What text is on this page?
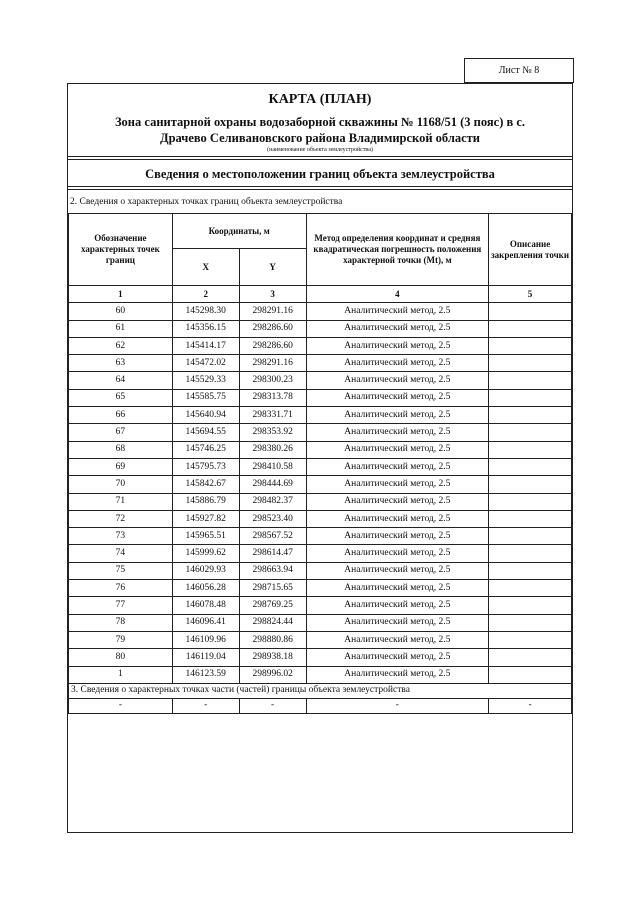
Лист № 8
КАРТА (ПЛАН)
Зона санитарной охраны водозаборной скважины № 1168/51 (3 пояс) в с.
Драчево Селивановского района Владимирской области
(наименование объекта землеустройства)
Сведения о местоположении границ объекта землеустройства
2. Сведения о характерных точках границ объекта землеустройства
Обозначение характерных точек границ	Координаты, м		Метод определения координат и средняя квадратическая погрешность положения характерной точки (Mt), м	Описание закрепления точки
	X	Y		
1	2	3	4	5
60	145298.30	298291.16	Аналитический метод, 2.5	
61	145356.15	298286.60	Аналитический метод, 2.5	
62	145414.17	298286.60	Аналитический метод, 2.5	
63	145472.02	298291.16	Аналитический метод, 2.5	
64	145529.33	298300.23	Аналитический метод, 2.5	
65	145585.75	298313.78	Аналитический метод, 2.5	
66	145640.94	298331.71	Аналитический метод, 2.5	
67	145694.55	298353.92	Аналитический метод, 2.5	
68	145746.25	298380.26	Аналитический метод, 2.5	
69	145795.73	298410.58	Аналитический метод, 2.5	
70	145842.67	298444.69	Аналитический метод, 2.5	
71	145886.79	298482.37	Аналитический метод, 2.5	
72	145927.82	298523.40	Аналитический метод, 2.5	
73	145965.51	298567.52	Аналитический метод, 2.5	
74	145999.62	298614.47	Аналитический метод, 2.5	
75	146029.93	298663.94	Аналитический метод, 2.5	
76	146056.28	298715.65	Аналитический метод, 2.5	
77	146078.48	298769.25	Аналитический метод, 2.5	
78	146096.41	298824.44	Аналитический метод, 2.5	
79	146109.96	298880.86	Аналитический метод, 2.5	
80	146119.04	298938.18	Аналитический метод, 2.5	
1	146123.59	298996.02	Аналитический метод, 2.5	
3. Сведения о характерных точках части (частей) границы объекта землеустройства				
-	-	-	-	-
